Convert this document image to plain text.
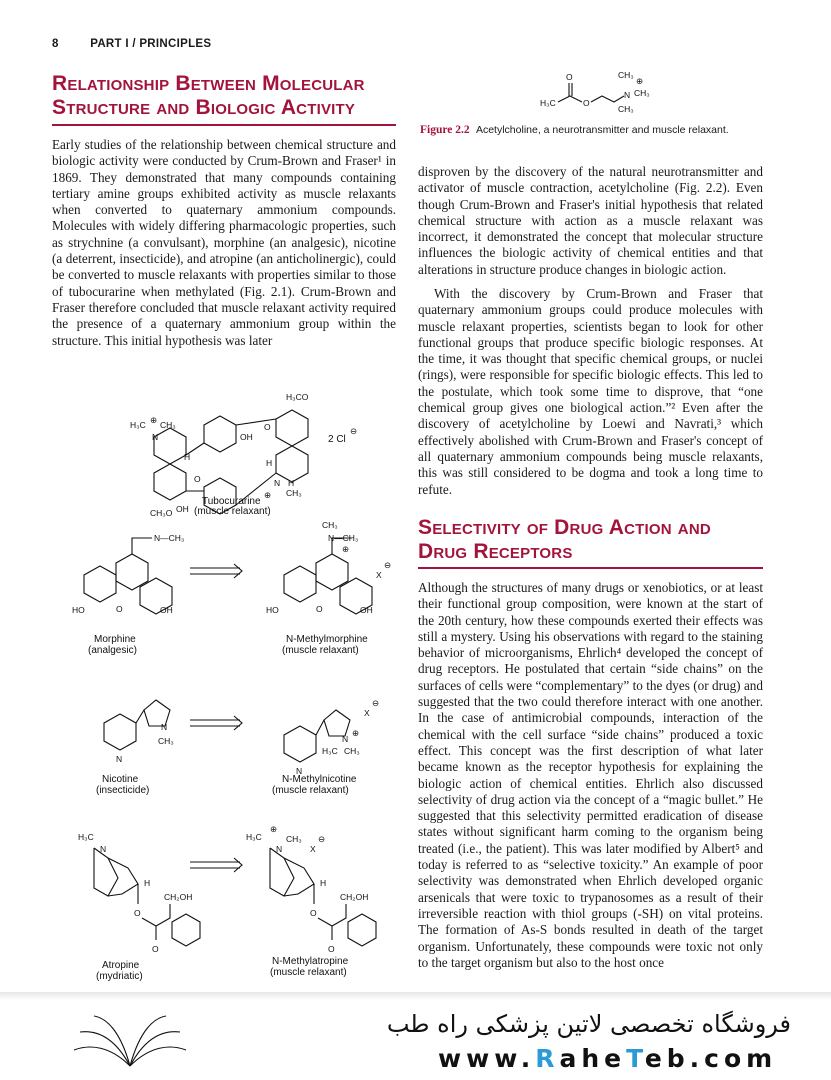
8	PART I / PRINCIPLES
Relationship Between Molecular
Structure and Biologic Activity

Early studies of the relationship between chemical structure and biologic activity were conducted by Crum-Brown and Fraser¹ in 1869. They demonstrated that many compounds containing tertiary amine groups exhibited activity as muscle relaxants when converted to quaternary ammonium compounds. Molecules with widely differing pharmacologic properties, such as strychnine (a convulsant), morphine (an analgesic), nicotine (a deterrent, insecticide), and atropine (an anticholinergic), could be converted to muscle relaxants with properties similar to those of tubocurarine when methylated (Fig. 2.1). Crum-Brown and Fraser therefore concluded that muscle relaxant activity required the presence of a quaternary ammonium group within the structure. This initial hypothesis was later

O
H₃C	O
N
CH₃
CH₃
CH₃
⊕
Figure 2.2 Acetylcholine, a neurotransmitter and muscle relaxant.

disproven by the discovery of the natural neurotransmitter and activator of muscle contraction, acetylcholine (Fig. 2.2). Even though Crum-Brown and Fraser's initial hypothesis that related chemical structure with action as a muscle relaxant was incorrect, it demonstrated the concept that molecular structure influences the biologic activity of chemical entities and that alterations in structure produce changes in biologic action.

With the discovery by Crum-Brown and Fraser that quaternary ammonium groups could produce molecules with muscle relaxant properties, scientists began to look for other functional groups that produce specific biologic responses. At the time, it was thought that specific chemical groups, or nuclei (rings), were responsible for specific biologic effects. This led to the postulate, which took some time to disprove, that “one chemical group gives one biological action.”² Even after the discovery of acetylcholine by Loewi and Navrati,³ which effectively abolished with Crum-Brown and Fraser's concept of all quaternary ammonium compounds being muscle relaxants, this was still considered to be dogma and took a long time to refute.

Selectivity of Drug Action and
Drug Receptors

Although the structures of many drugs or xenobiotics, or at least their functional group composition, were known at the start of the 20th century, how these compounds exerted their effects was still a mystery. Using his observations with regard to the staining behavior of microorganisms, Ehrlich⁴ developed the concept of drug receptors. He postulated that certain “side chains” on the surfaces of cells were “complementary” to the dyes (or drug) and suggested that the two could therefore interact with one another. In the case of antimicrobial compounds, interaction of the chemical with the cell surface “side chains” produced a toxic effect. This concept was the first description of what later became known as the receptor hypothesis for explaining the biologic action of chemical entities. Ehrlich also discussed selectivity of drug action via the concept of a “magic bullet.” He suggested that this selectivity permitted eradication of disease states without significant harm coming to the organism being treated (i.e., the patient). This was later modified by Albert⁵ and today is referred to as “selective toxicity.” An example of poor selectivity was demonstrated when Ehrlich developed organic arsenicals that were toxic to trypanosomes as a result of their irreversible reaction with thiol groups (-SH) on vital proteins. The formation of As-S bonds resulted in death of the target organism. Unfortunately, these compounds were toxic not only to the target organism but also to the host once

H₃C ⊕ CH₃
N
H₃CO
OH
O
O
H
H
CH₃
N H
⊕
CH₃O OH
2 Cl
⊖
Tubocurarine
(muscle relaxant)
N—CH₃
HO	O	OH
Morphine
(analgesic)
CH₃
N—CH₃
⊕
X
⊖
HO	O	OH
N-Methylmorphine
(muscle relaxant)
N
N
CH₃
Nicotine
(insecticide)
N
N
⊕
H₃C CH₃
X
⊖
N-Methylnicotine
(muscle relaxant)
H₃C
N
H
O
O
CH₂OH
Atropine
(mydriatic)
H₃C
⊕
N
CH₃
X
⊖
H
O
O
CH₂OH
N-Methylatropine
(muscle relaxant)
فروشگاه تخصصی لاتین پزشکی راه طب
www.RaheTeb.com
